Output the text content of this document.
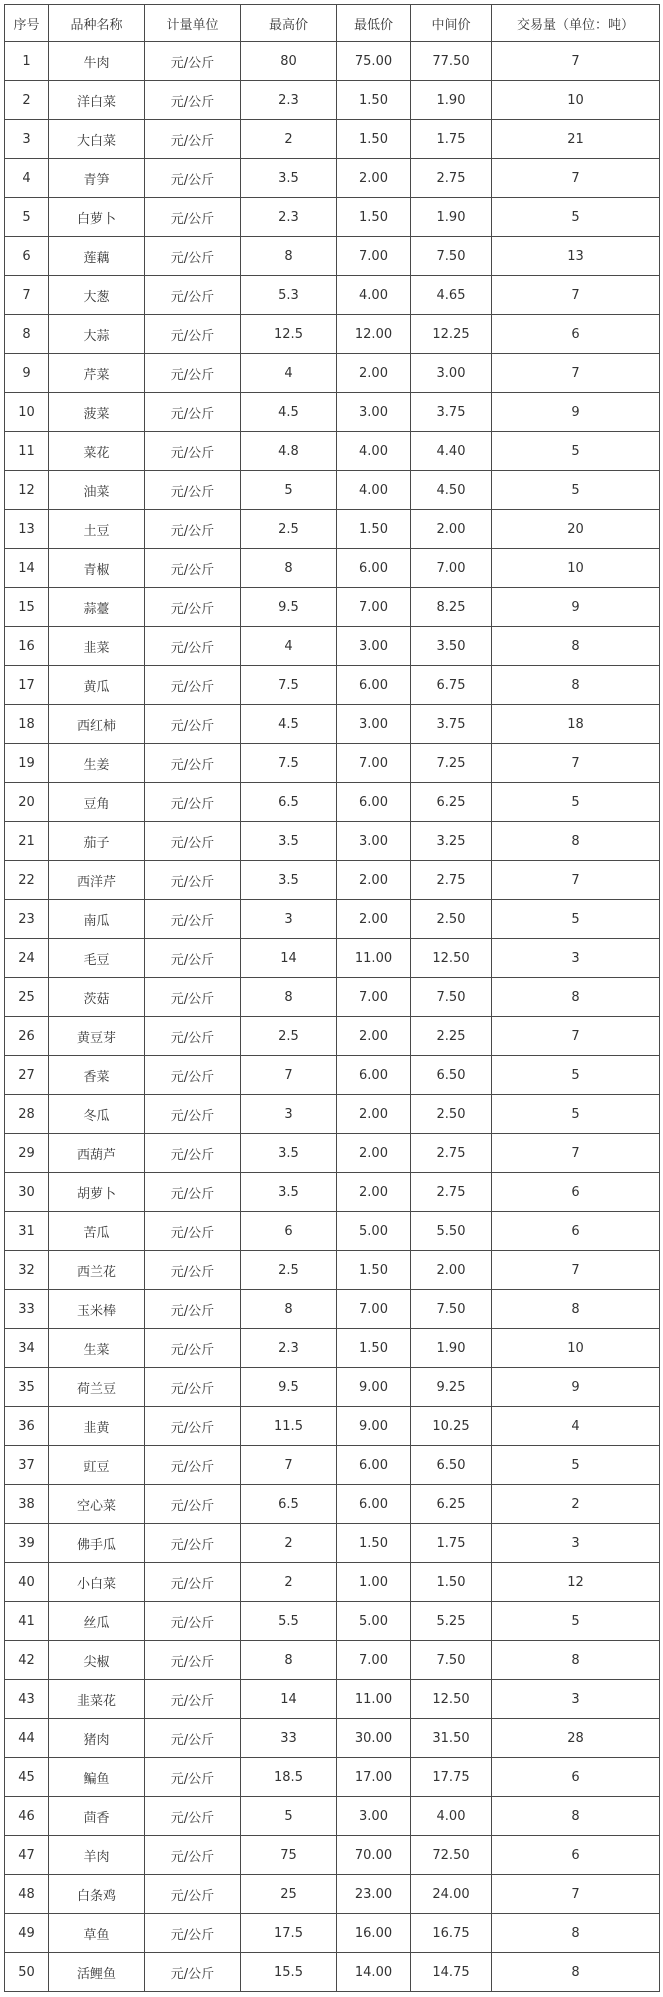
序号	品种名称	计量单位	最高价	最低价	中间价	交易量（单位：吨）
1	牛肉	元/公斤	80	75.00	77.50	7
2	洋白菜	元/公斤	2.3	1.50	1.90	10
3	大白菜	元/公斤	2	1.50	1.75	21
4	青笋	元/公斤	3.5	2.00	2.75	7
5	白萝卜	元/公斤	2.3	1.50	1.90	5
6	莲藕	元/公斤	8	7.00	7.50	13
7	大葱	元/公斤	5.3	4.00	4.65	7
8	大蒜	元/公斤	12.5	12.00	12.25	6
9	芹菜	元/公斤	4	2.00	3.00	7
10	菠菜	元/公斤	4.5	3.00	3.75	9
11	菜花	元/公斤	4.8	4.00	4.40	5
12	油菜	元/公斤	5	4.00	4.50	5
13	土豆	元/公斤	2.5	1.50	2.00	20
14	青椒	元/公斤	8	6.00	7.00	10
15	蒜薹	元/公斤	9.5	7.00	8.25	9
16	韭菜	元/公斤	4	3.00	3.50	8
17	黄瓜	元/公斤	7.5	6.00	6.75	8
18	西红柿	元/公斤	4.5	3.00	3.75	18
19	生姜	元/公斤	7.5	7.00	7.25	7
20	豆角	元/公斤	6.5	6.00	6.25	5
21	茄子	元/公斤	3.5	3.00	3.25	8
22	西洋芹	元/公斤	3.5	2.00	2.75	7
23	南瓜	元/公斤	3	2.00	2.50	5
24	毛豆	元/公斤	14	11.00	12.50	3
25	茨菇	元/公斤	8	7.00	7.50	8
26	黄豆芽	元/公斤	2.5	2.00	2.25	7
27	香菜	元/公斤	7	6.00	6.50	5
28	冬瓜	元/公斤	3	2.00	2.50	5
29	西葫芦	元/公斤	3.5	2.00	2.75	7
30	胡萝卜	元/公斤	3.5	2.00	2.75	6
31	苦瓜	元/公斤	6	5.00	5.50	6
32	西兰花	元/公斤	2.5	1.50	2.00	7
33	玉米棒	元/公斤	8	7.00	7.50	8
34	生菜	元/公斤	2.3	1.50	1.90	10
35	荷兰豆	元/公斤	9.5	9.00	9.25	9
36	韭黄	元/公斤	11.5	9.00	10.25	4
37	豇豆	元/公斤	7	6.00	6.50	5
38	空心菜	元/公斤	6.5	6.00	6.25	2
39	佛手瓜	元/公斤	2	1.50	1.75	3
40	小白菜	元/公斤	2	1.00	1.50	12
41	丝瓜	元/公斤	5.5	5.00	5.25	5
42	尖椒	元/公斤	8	7.00	7.50	8
43	韭菜花	元/公斤	14	11.00	12.50	3
44	猪肉	元/公斤	33	30.00	31.50	28
45	鳊鱼	元/公斤	18.5	17.00	17.75	6
46	茴香	元/公斤	5	3.00	4.00	8
47	羊肉	元/公斤	75	70.00	72.50	6
48	白条鸡	元/公斤	25	23.00	24.00	7
49	草鱼	元/公斤	17.5	16.00	16.75	8
50	活鲤鱼	元/公斤	15.5	14.00	14.75	8
